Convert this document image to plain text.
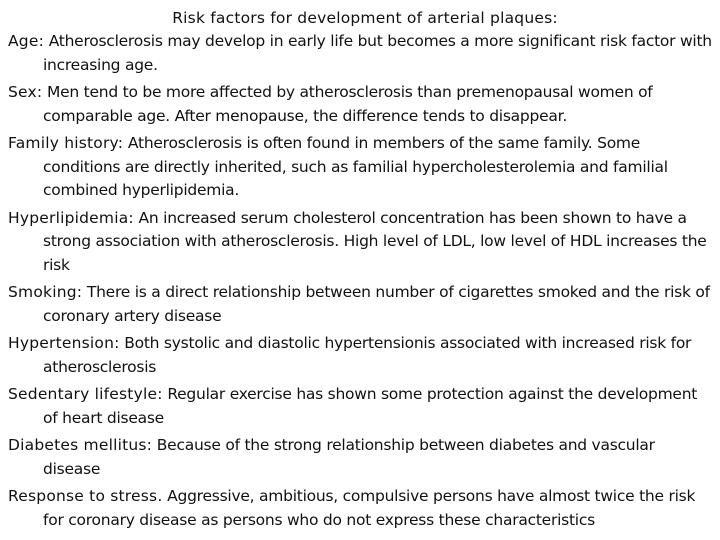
Risk factors for development of arterial plaques:
Age: Atherosclerosis may develop in early life but becomes a more significant risk factor with increasing age.
Sex: Men tend to be more affected by atherosclerosis than premenopausal women of comparable age. After menopause, the difference tends to disappear.
Family history: Atherosclerosis is often found in members of the same family. Some conditions are directly inherited, such as familial hypercholesterolemia and familial combined hyperlipidemia.
Hyperlipidemia: An increased serum cholesterol concentration has been shown to have a strong association with atherosclerosis. High level of LDL, low level of HDL increases the risk
Smoking: There is a direct relationship between number of cigarettes smoked and the risk of coronary artery disease
Hypertension: Both systolic and diastolic hypertensionis associated with increased risk for atherosclerosis
Sedentary lifestyle: Regular exercise has shown some protection against the development of heart disease
Diabetes mellitus: Because of the strong relationship between diabetes and vascular disease
Response to stress. Aggressive, ambitious, compulsive persons have almost twice the risk for coronary disease as persons who do not express these characteristics
